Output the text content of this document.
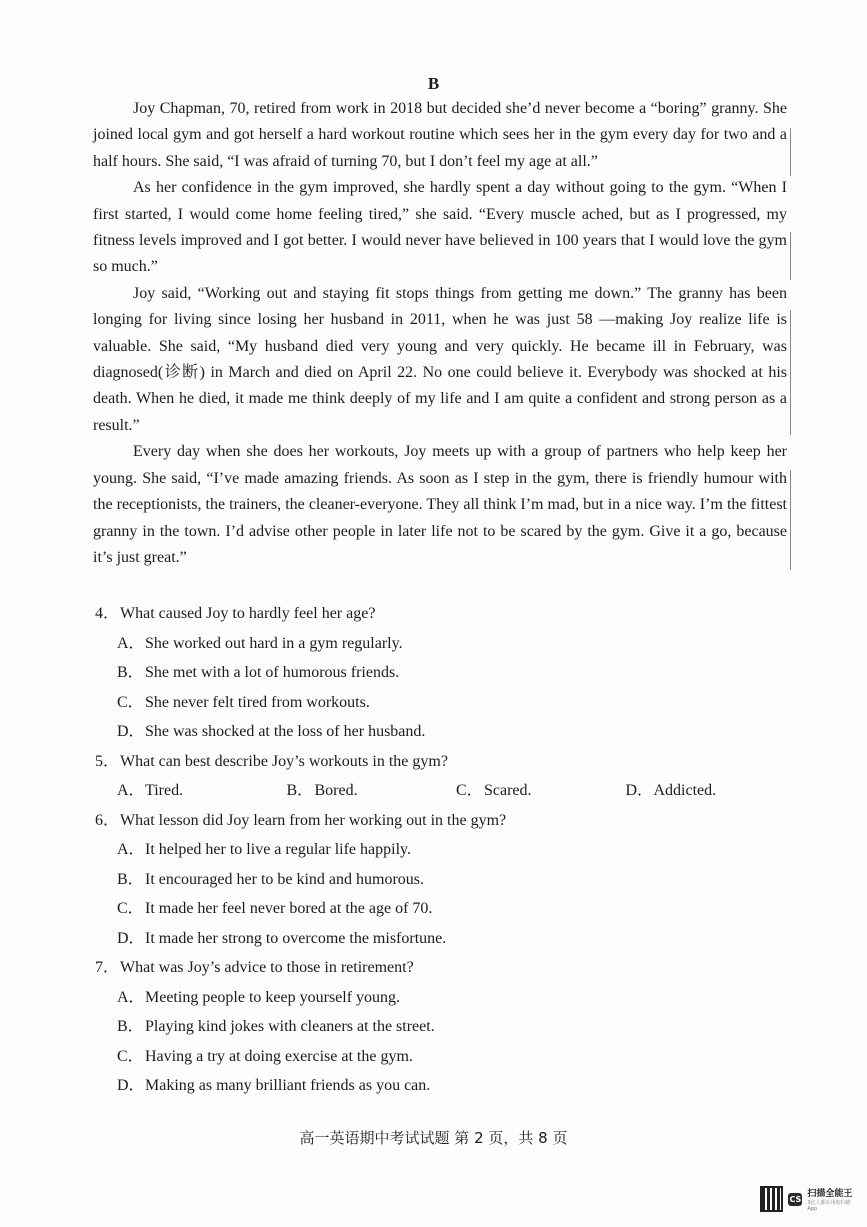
B

Joy Chapman, 70, retired from work in 2018 but decided she’d never become a “boring” granny. She joined local gym and got herself a hard workout routine which sees her in the gym every day for two and a half hours. She said, “I was afraid of turning 70, but I don’t feel my age at all.”

As her confidence in the gym improved, she hardly spent a day without going to the gym. “When I first started, I would come home feeling tired,” she said. “Every muscle ached, but as I progressed, my fitness levels improved and I got better. I would never have believed in 100 years that I would love the gym so much.”

Joy said, “Working out and staying fit stops things from getting me down.” The granny has been longing for living since losing her husband in 2011, when he was just 58 —making Joy realize life is valuable. She said, “My husband died very young and very quickly. He became ill in February, was diagnosed(诊断) in March and died on April 22. No one could believe it. Everybody was shocked at his death. When he died, it made me think deeply of my life and I am quite a confident and strong person as a result.”

Every day when she does her workouts, Joy meets up with a group of partners who help keep her young. She said, “I’ve made amazing friends. As soon as I step in the gym, there is friendly humour with the receptionists, the trainers, the cleaner-everyone. They all think I’m mad, but in a nice way. I’m the fittest granny in the town. I’d advise other people in later life not to be scared by the gym. Give it a go, because it’s just great.”

4．What caused Joy to hardly feel her age?
A．She worked out hard in a gym regularly.
B．She met with a lot of humorous friends.
C．She never felt tired from workouts.
D．She was shocked at the loss of her husband.
5．What can best describe Joy’s workouts in the gym?
A．Tired.	B．Bored.	C．Scared.	D．Addicted.
6．What lesson did Joy learn from her working out in the gym?
A．It helped her to live a regular life happily.
B．It encouraged her to be kind and humorous.
C．It made her feel never bored at the age of 70.
D．It made her strong to overcome the misfortune.
7．What was Joy’s advice to those in retirement?
A．Meeting people to keep yourself young.
B．Playing kind jokes with cleaners at the street.
C．Having a try at doing exercise at the gym.
D．Making as many brilliant friends as you can.
高一英语期中考试试题 第 2 页，共 8 页
CS 扫描全能王
3亿人都在用的扫描App
